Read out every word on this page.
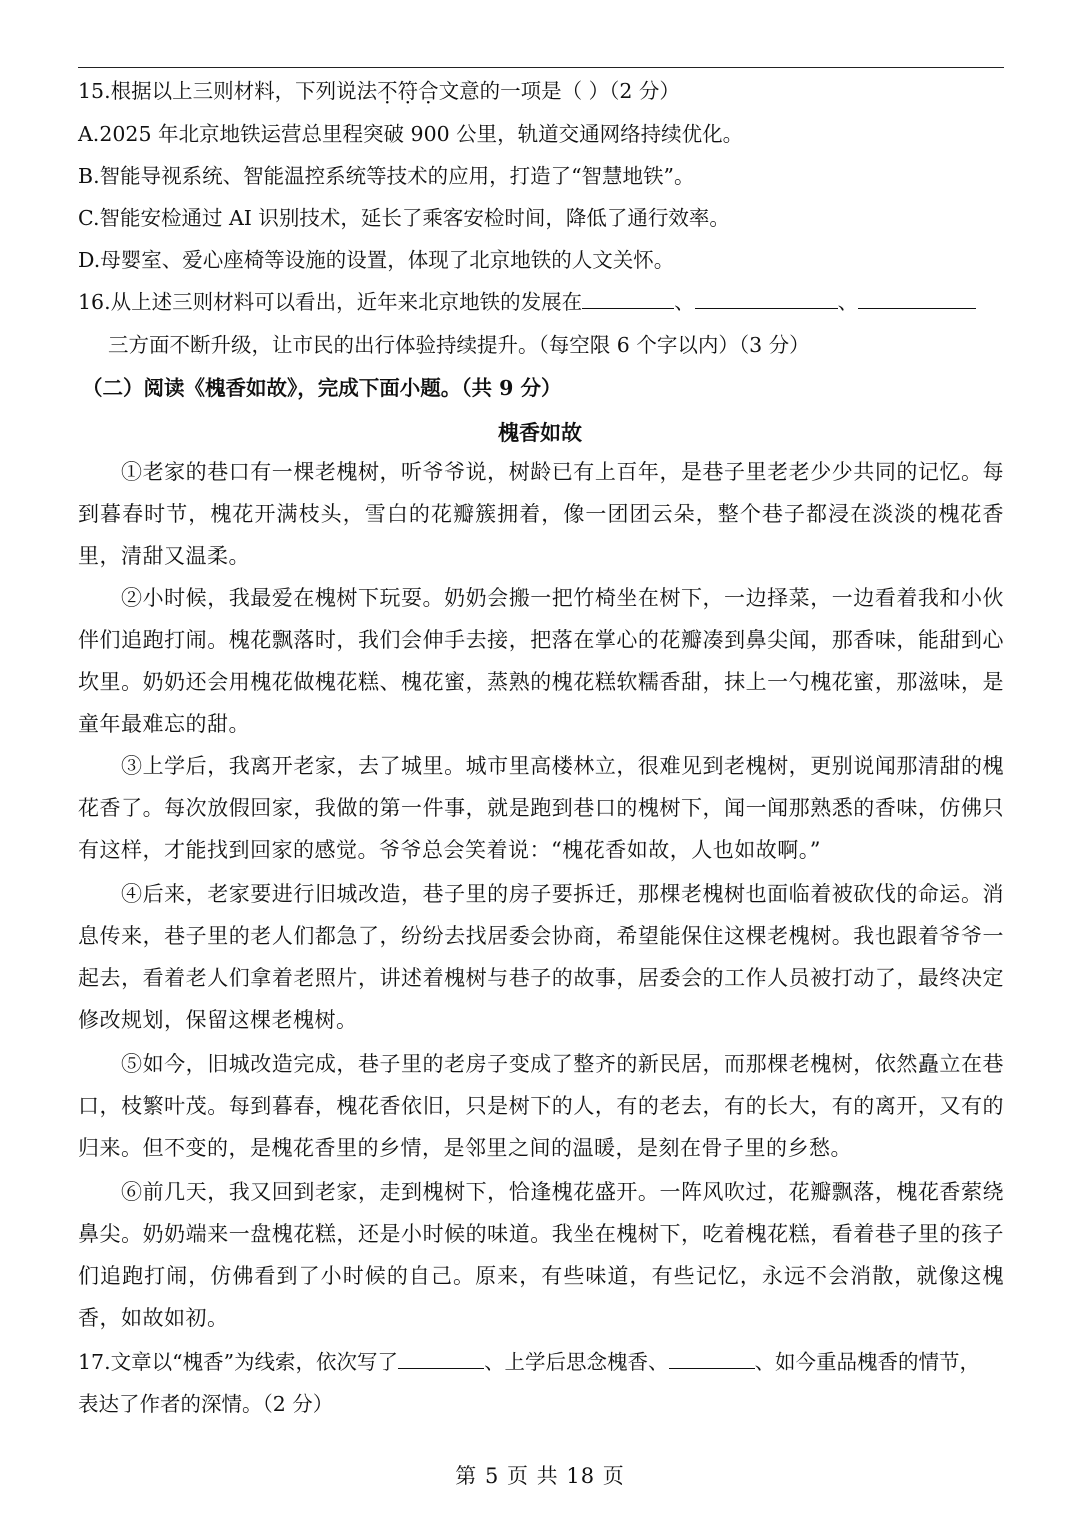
15.根据以上三则材料，下列说法不符合文意的一项是（ ）（2 分）
A.2025 年北京地铁运营总里程突破 900 公里，轨道交通网络持续优化。
B.智能导视系统、智能温控系统等技术的应用，打造了“智慧地铁”。
C.智能安检通过 AI 识别技术，延长了乘客安检时间，降低了通行效率。
D.母婴室、爱心座椅等设施的设置，体现了北京地铁的人文关怀。
16.从上述三则材料可以看出，近年来北京地铁的发展在	、	、
三方面不断升级，让市民的出行体验持续提升。（每空限 6 个字以内）（3 分）
（二）阅读《槐香如故》，完成下面小题。（共 9 分）
槐香如故
①老家的巷口有一棵老槐树，听爷爷说，树龄已有上百年，是巷子里老老少少共同的记忆。每到暮春时节，槐花开满枝头，雪白的花瓣簇拥着，像一团团云朵，整个巷子都浸在淡淡的槐花香里，清甜又温柔。
②小时候，我最爱在槐树下玩耍。奶奶会搬一把竹椅坐在树下，一边择菜，一边看着我和小伙伴们追跑打闹。槐花飘落时，我们会伸手去接，把落在掌心的花瓣凑到鼻尖闻，那香味，能甜到心坎里。奶奶还会用槐花做槐花糕、槐花蜜，蒸熟的槐花糕软糯香甜，抹上一勺槐花蜜，那滋味，是童年最难忘的甜。
③上学后，我离开老家，去了城里。城市里高楼林立，很难见到老槐树，更别说闻那清甜的槐花香了。每次放假回家，我做的第一件事，就是跑到巷口的槐树下，闻一闻那熟悉的香味，仿佛只有这样，才能找到回家的感觉。爷爷总会笑着说：“槐花香如故，人也如故啊。”
④后来，老家要进行旧城改造，巷子里的房子要拆迁，那棵老槐树也面临着被砍伐的命运。消息传来，巷子里的老人们都急了，纷纷去找居委会协商，希望能保住这棵老槐树。我也跟着爷爷一起去，看着老人们拿着老照片，讲述着槐树与巷子的故事，居委会的工作人员被打动了，最终决定修改规划，保留这棵老槐树。
⑤如今，旧城改造完成，巷子里的老房子变成了整齐的新民居，而那棵老槐树，依然矗立在巷口，枝繁叶茂。每到暮春，槐花香依旧，只是树下的人，有的老去，有的长大，有的离开，又有的归来。但不变的，是槐花香里的乡情，是邻里之间的温暖，是刻在骨子里的乡愁。
⑥前几天，我又回到老家，走到槐树下，恰逢槐花盛开。一阵风吹过，花瓣飘落，槐花香萦绕鼻尖。奶奶端来一盘槐花糕，还是小时候的味道。我坐在槐树下，吃着槐花糕，看着巷子里的孩子们追跑打闹，仿佛看到了小时候的自己。原来，有些味道，有些记忆，永远不会消散，就像这槐香，如故如初。
17.文章以“槐香”为线索，依次写了	、上学后思念槐香、	、如今重品槐香的情节，
表达了作者的深情。（2 分）
第 5 页 共 18 页
